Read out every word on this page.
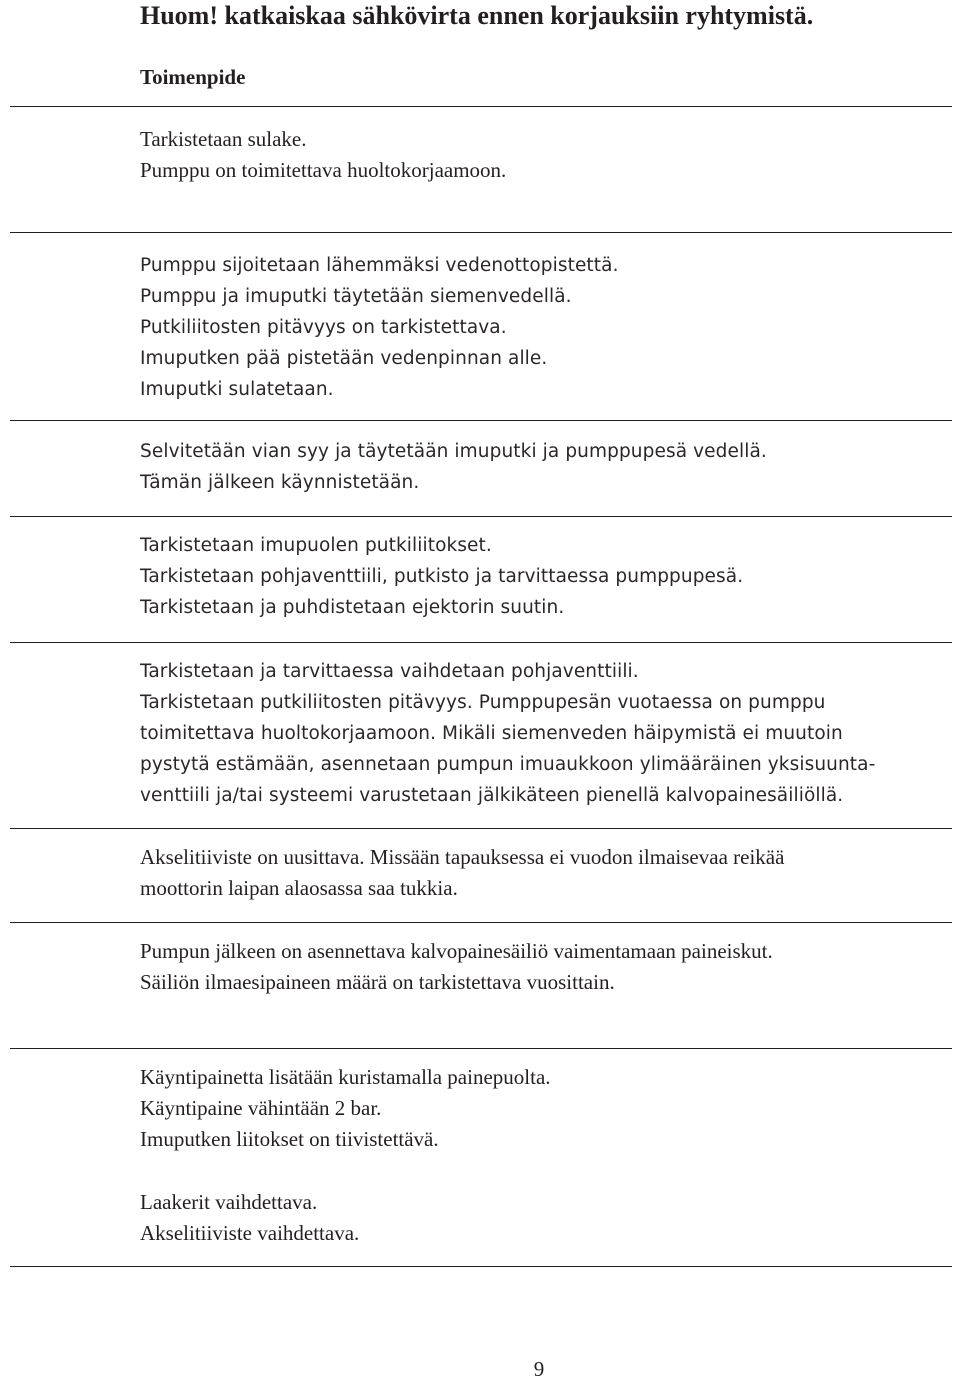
Huom! katkaiskaa sähkövirta ennen korjauksiin ryhtymistä.
Toimenpide
Tarkistetaan sulake.
Pumppu on toimitettava huoltokorjaamoon.
Pumppu sijoitetaan lähemmäksi vedenottopistettä.
Pumppu ja imuputki täytetään siemenvedellä.
Putkiliitosten pitävyys on tarkistettava.
Imuputken pää pistetään vedenpinnan alle.
Imuputki sulatetaan.
Selvitetään vian syy ja täytetään imuputki ja pumppupesä vedellä.
Tämän jälkeen käynnistetään.
Tarkistetaan imupuolen putkiliitokset.
Tarkistetaan pohjaventtiili, putkisto ja tarvittaessa pumppupesä.
Tarkistetaan ja puhdistetaan ejektorin suutin.
Tarkistetaan ja tarvittaessa vaihdetaan pohjaventtiili.
Tarkistetaan putkiliitosten pitävyys. Pumppupesän vuotaessa on pumppu
toimitettava huoltokorjaamoon. Mikäli siemenveden häipymistä ei muutoin
pystytä estämään, asennetaan pumpun imuaukkoon ylimääräinen yksisuunta-
venttiili ja/tai systeemi varustetaan jälkikäteen pienellä kalvopainesäiliöllä.
Akselitiiviste on uusittava. Missään tapauksessa ei vuodon ilmaisevaa reikää
moottorin laipan alaosassa saa tukkia.
Pumpun jälkeen on asennettava kalvopainesäiliö vaimentamaan paineiskut.
Säiliön ilmaesipaineen määrä on tarkistettava vuosittain.
Käyntipainetta lisätään kuristamalla painepuolta.
Käyntipaine vähintään 2 bar.
Imuputken liitokset on tiivistettävä.
Laakerit vaihdettava.
Akselitiiviste vaihdettava.
9
